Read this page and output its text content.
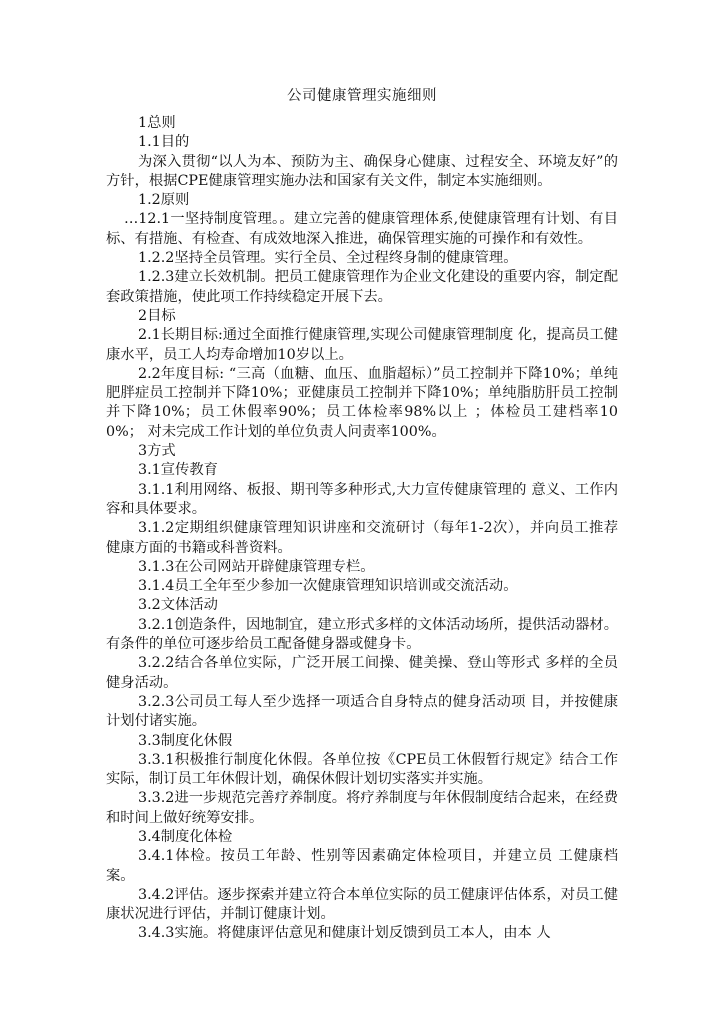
公司健康管理实施细则

1总则

1.1目的

为深入贯彻“以人为本、预防为主、确保身心健康、过程安全、环境友好”的方针，根据CPE健康管理实施办法和国家有关文件，制定本实施细则。

1.2原则

…12.1一坚持制度管理。。建立完善的健康管理体系,使健康管理有计划、有目标、有措施、有检查、有成效地深入推进，确保管理实施的可操作和有效性。

1.2.2坚持全员管理。实行全员、全过程终身制的健康管理。

1.2.3建立长效机制。把员工健康管理作为企业文化建设的重要内容，制定配套政策措施，使此项工作持续稳定开展下去。

2目标

2.1长期目标:通过全面推行健康管理,实现公司健康管理制度 化，提高员工健康水平，员工人均寿命增加10岁以上。

2.2年度目标: “三高（血糖、血压、血脂超标）”员工控制并下降10%；单纯肥胖症员工控制并下降10%；亚健康员工控制并下降10%；单纯脂肪肝员工控制并下降10%；员工休假率90%；员工体检率98%以上 ；体检员工建档率100%； 对未完成工作计划的单位负责人问责率100%。

3方式

3.1宣传教育

3.1.1利用网络、板报、期刊等多种形式,大力宣传健康管理的 意义、工作内容和具体要求。

3.1.2定期组织健康管理知识讲座和交流研讨（每年1-2次），并向员工推荐健康方面的书籍或科普资料。

3.1.3在公司网站开辟健康管理专栏。

3.1.4员工全年至少参加一次健康管理知识培训或交流活动。

3.2文体活动

3.2.1创造条件，因地制宜，建立形式多样的文体活动场所，提供活动器材。有条件的单位可逐步给员工配备健身器或健身卡。

3.2.2结合各单位实际，广泛开展工间操、健美操、登山等形式 多样的全员健身活动。

3.2.3公司员工每人至少选择一项适合自身特点的健身活动项 目，并按健康计划付诸实施。

3.3制度化休假

3.3.1积极推行制度化休假。各单位按《CPE员工休假暂行规定》结合工作实际，制订员工年休假计划，确保休假计划切实落实并实施。

3.3.2进一步规范完善疗养制度。将疗养制度与年休假制度结合起来，在经费和时间上做好统筹安排。

3.4制度化体检

3.4.1体检。按员工年龄、性别等因素确定体检项目，并建立员 工健康档案。

3.4.2评估。逐步探索并建立符合本单位实际的员工健康评估体系，对员工健康状况进行评估，并制订健康计划。

3.4.3实施。将健康评估意见和健康计划反馈到员工本人，由本 人
